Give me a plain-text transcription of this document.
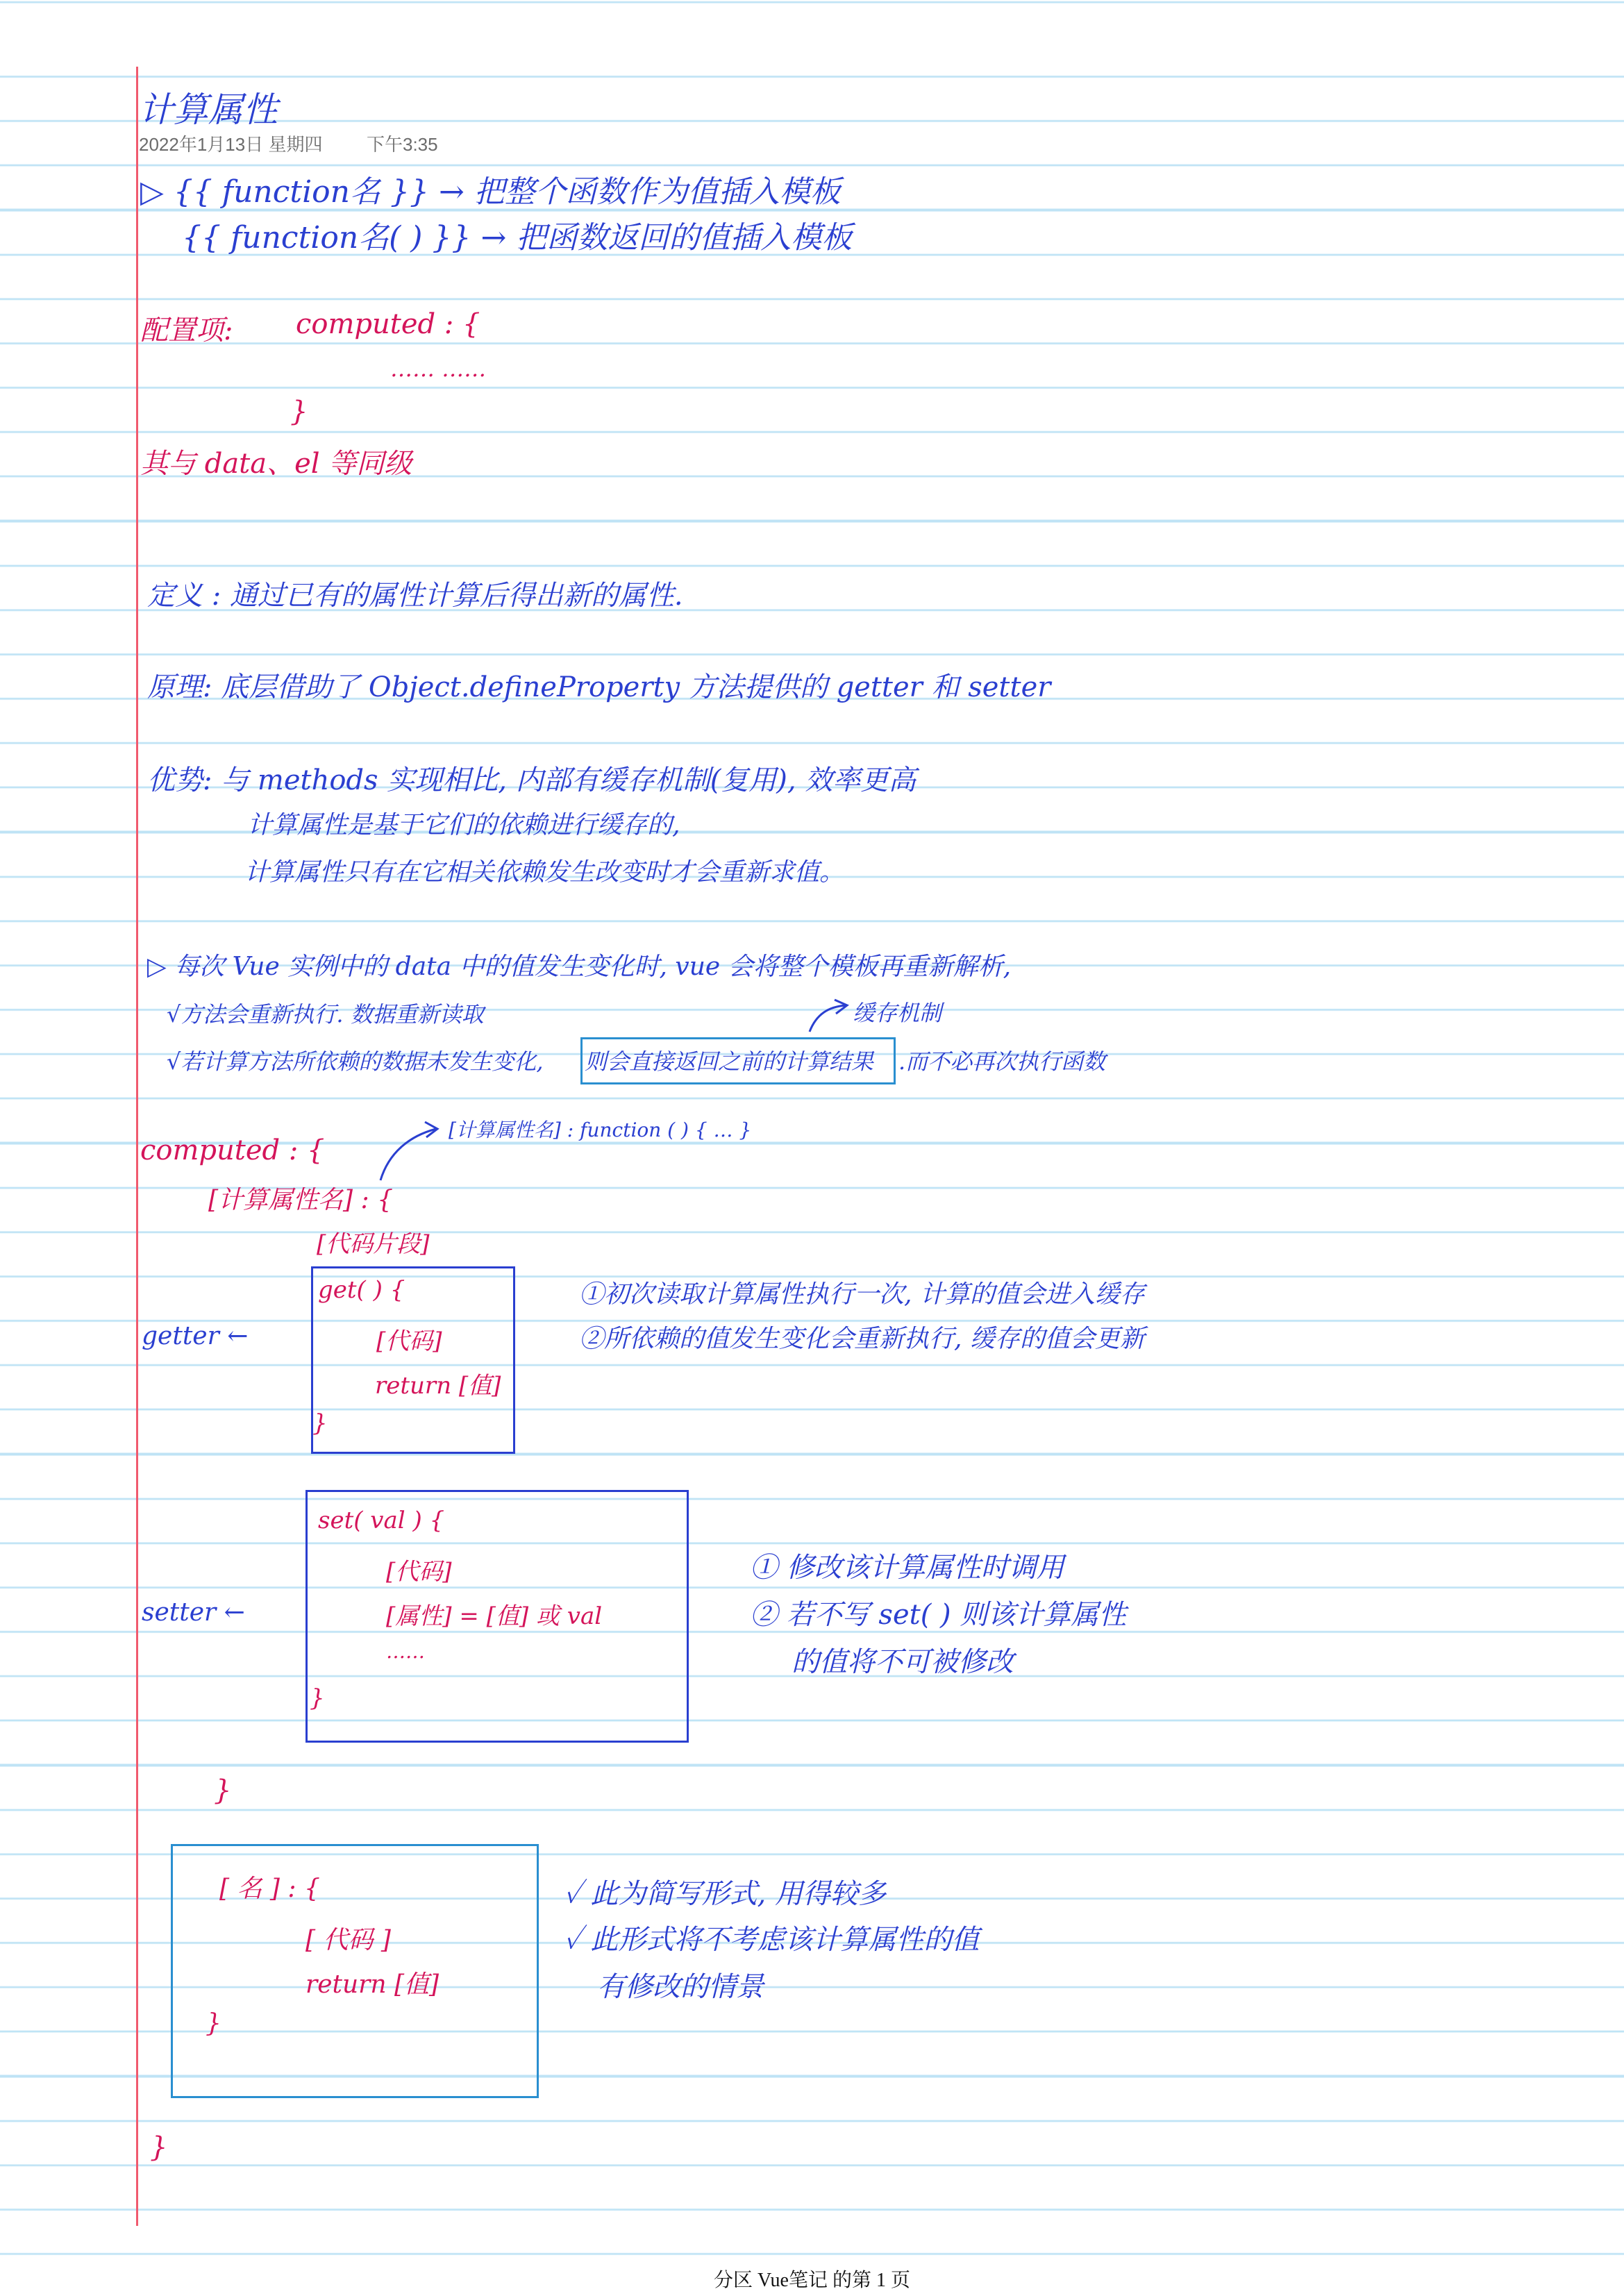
计算属性
2022年1月13日 星期四 下午3:35
▷ {{ function名 }} → 把整个函数作为值插入模板
{{ function名( ) }} → 把函数返回的值插入模板
配置项: computed : {
…… ……
}
其与 data、el 等同级
定义 : 通过已有的属性计算后得出新的属性.
原理: 底层借助了 Object.defineProperty 方法提供的 getter 和 setter
优势: 与 methods 实现相比, 内部有缓存机制(复用), 效率更高
计算属性是基于它们的依赖进行缓存的,
计算属性只有在它相关依赖发生改变时才会重新求值。
▷ 每次 Vue 实例中的 data 中的值发生变化时, vue 会将整个模板再重新解析,
缓存机制
√方法会重新执行. 数据重新读取
√若计算方法所依赖的数据未发生变化, 则会直接返回之前的计算结果 .而不必再次执行函数
computed : {
[计算属性名] : function ( ) { … }
[计算属性名] : {
[代码片段]
getter ←
get( ) {
[代码]
return [值]
}
①初次读取计算属性执行一次, 计算的值会进入缓存
②所依赖的值发生变化会重新执行, 缓存的值会更新
setter ←
set( val ) {
[代码]
[属性] = [值] 或 val
……
}
① 修改该计算属性时调用
② 若不写 set( ) 则该计算属性
的值将不可被修改
}
[ 名 ] : {
[ 代码 ]
return [值]
}
✓ 此为简写形式, 用得较多
✓ 此形式将不考虑该计算属性的值
有修改的情景
}
分区 Vue笔记 的第 1 页
